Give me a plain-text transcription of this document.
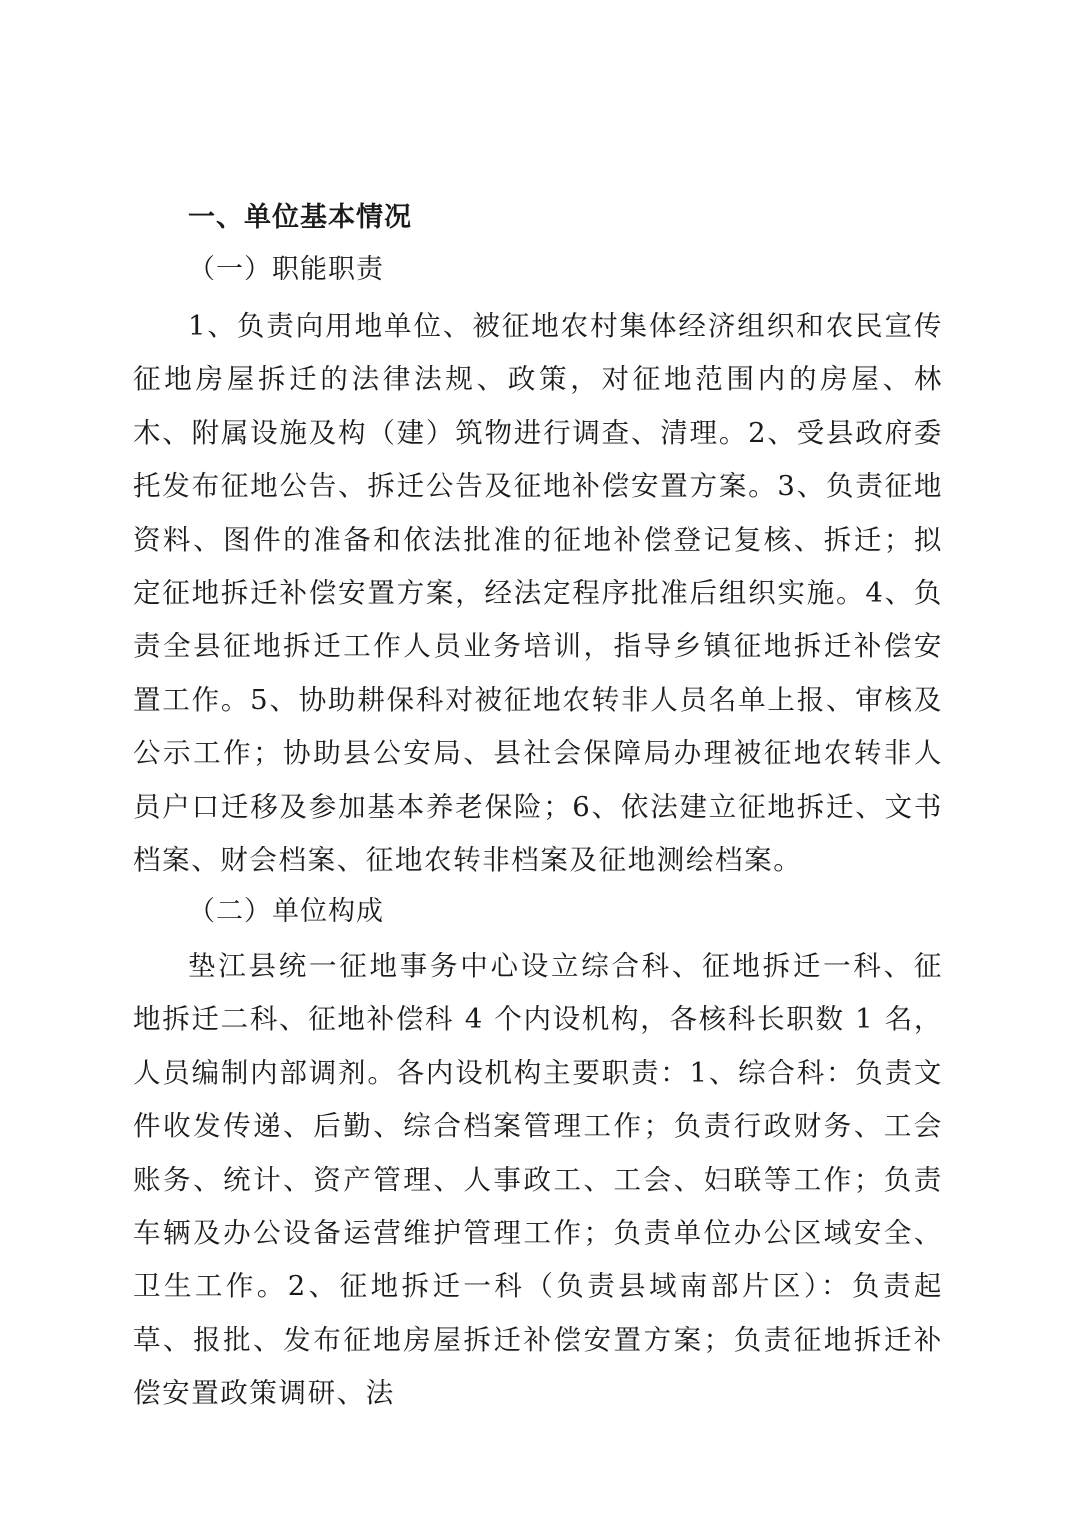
一、单位基本情况
（一）职能职责

1、负责向用地单位、被征地农村集体经济组织和农民宣传征地房屋拆迁的法律法规、政策，对征地范围内的房屋、林木、附属设施及构（建）筑物进行调查、清理。2、受县政府委托发布征地公告、拆迁公告及征地补偿安置方案。3、负责征地资料、图件的准备和依法批准的征地补偿登记复核、拆迁；拟定征地拆迁补偿安置方案，经法定程序批准后组织实施。4、负责全县征地拆迁工作人员业务培训，指导乡镇征地拆迁补偿安置工作。5、协助耕保科对被征地农转非人员名单上报、审核及公示工作；协助县公安局、县社会保障局办理被征地农转非人员户口迁移及参加基本养老保险；6、依法建立征地拆迁、文书档案、财会档案、征地农转非档案及征地测绘档案。

（二）单位构成

垫江县统一征地事务中心设立综合科、征地拆迁一科、征地拆迁二科、征地补偿科 4 个内设机构，各核科长职数 1 名，人员编制内部调剂。各内设机构主要职责：1、综合科：负责文件收发传递、后勤、综合档案管理工作；负责行政财务、工会账务、统计、资产管理、人事政工、工会、妇联等工作；负责车辆及办公设备运营维护管理工作；负责单位办公区域安全、卫生工作。2、征地拆迁一科（负责县域南部片区）：负责起草、报批、发布征地房屋拆迁补偿安置方案；负责征地拆迁补偿安置政策调研、法
